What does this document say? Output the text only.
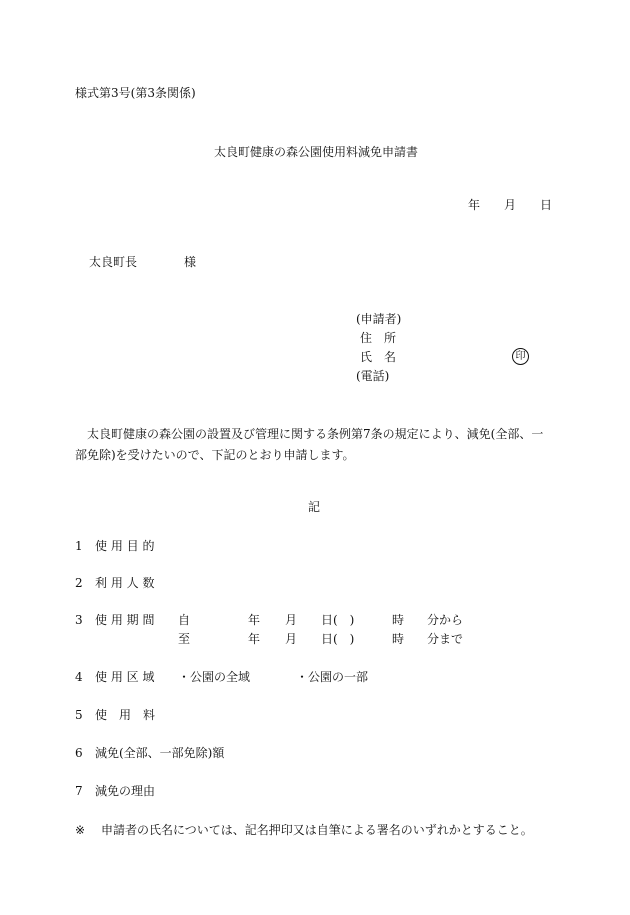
様式第3号(第3条関係)
太良町健康の森公園使用料減免申請書
年 月 日
太良町長	様
(申請者)
住　所
氏　名	印
(電話)
太良町健康の森公園の設置及び管理に関する条例第7条の規定により、減免(全部、一部免除)を受けたいので、下記のとおり申請します。
記
1 使 用 目 的
2 利 用 人 数
3 使 用 期 間 自	年 月 日(　)	時 分から
至	年 月 日(　)	時 分まで
4 使 用 区 域 ・公園の全域	・公園の一部
5 使　用　料
6 減免(全部、一部免除)額
7 減免の理由
※ 申請者の氏名については、記名押印又は自筆による署名のいずれかとすること。
